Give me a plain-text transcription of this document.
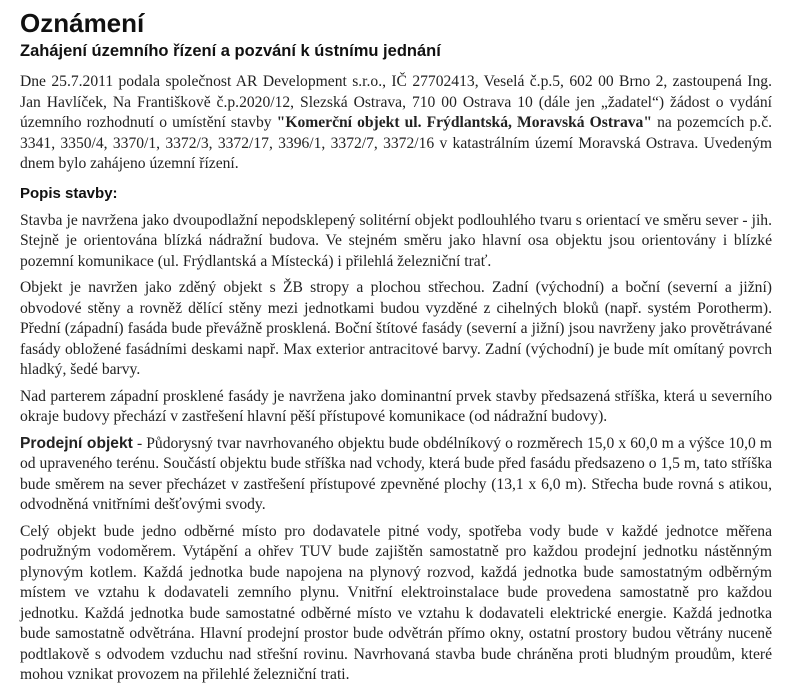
Oznámení
Zahájení územního řízení a pozvání k ústnímu jednání

Dne 25.7.2011 podala společnost AR Development s.r.o., IČ 27702413, Veselá č.p.5, 602 00 Brno 2, zastoupená Ing. Jan Havlíček, Na Františkově č.p.2020/12, Slezská Ostrava, 710 00 Ostrava 10 (dále jen „žadatel“) žádost o vydání územního rozhodnutí o umístění stavby "Komerční objekt ul. Frýdlantská, Moravská Ostrava" na pozemcích p.č. 3341, 3350/4, 3370/1, 3372/3, 3372/17, 3396/1, 3372/7, 3372/16 v katastrálním území Moravská Ostrava. Uvedeným dnem bylo zahájeno územní řízení.

Popis stavby:

Stavba je navržena jako dvoupodlažní nepodsklepený solitérní objekt podlouhlého tvaru s orientací ve směru sever - jih. Stejně je orientována blízká nádražní budova. Ve stejném směru jako hlavní osa objektu jsou orientovány i blízké pozemní komunikace (ul. Frýdlantská a Místecká) i přilehlá železniční trať.

Objekt je navržen jako zděný objekt s ŽB stropy a plochou střechou. Zadní (východní) a boční (severní a jižní) obvodové stěny a rovněž dělící stěny mezi jednotkami budou vyzděné z cihelných bloků (např. systém Porotherm). Přední (západní) fasáda bude převážně prosklená. Boční štítové fasády (severní a jižní) jsou navrženy jako provětrávané fasády obložené fasádními deskami např. Max exterior antracitové barvy. Zadní (východní) je bude mít omítaný povrch hladký, šedé barvy.

Nad parterem západní prosklené fasády je navržena jako dominantní prvek stavby předsazená stříška, která u severního okraje budovy přechází v zastřešení hlavní pěší přístupové komunikace (od nádražní budovy).

Prodejní objekt - Půdorysný tvar navrhovaného objektu bude obdélníkový o rozměrech 15,0 x 60,0 m a výšce 10,0 m od upraveného terénu. Součástí objektu bude stříška nad vchody, která bude před fasádu předsazeno o 1,5 m, tato stříška bude směrem na sever přecházet v zastřešení přístupové zpevněné plochy (13,1 x 6,0 m). Střecha bude rovná s atikou, odvodněná vnitřními dešťovými svody.

Celý objekt bude jedno odběrné místo pro dodavatele pitné vody, spotřeba vody bude v každé jednotce měřena podružným vodoměrem. Vytápění a ohřev TUV bude zajištěn samostatně pro každou prodejní jednotku nástěnným plynovým kotlem. Každá jednotka bude napojena na plynový rozvod, každá jednotka bude samostatným odběrným místem ve vztahu k dodavateli zemního plynu. Vnitřní elektroinstalace bude provedena samostatně pro každou jednotku. Každá jednotka bude samostatné odběrné místo ve vztahu k dodavateli elektrické energie. Každá jednotka bude samostatně odvětrána. Hlavní prodejní prostor bude odvětrán přímo okny, ostatní prostory budou větrány nuceně podtlakově s odvodem vzduchu nad střešní rovinu. Navrhovaná stavba bude chráněna proti bludným proudům, které mohou vznikat provozem na přilehlé železniční trati.
